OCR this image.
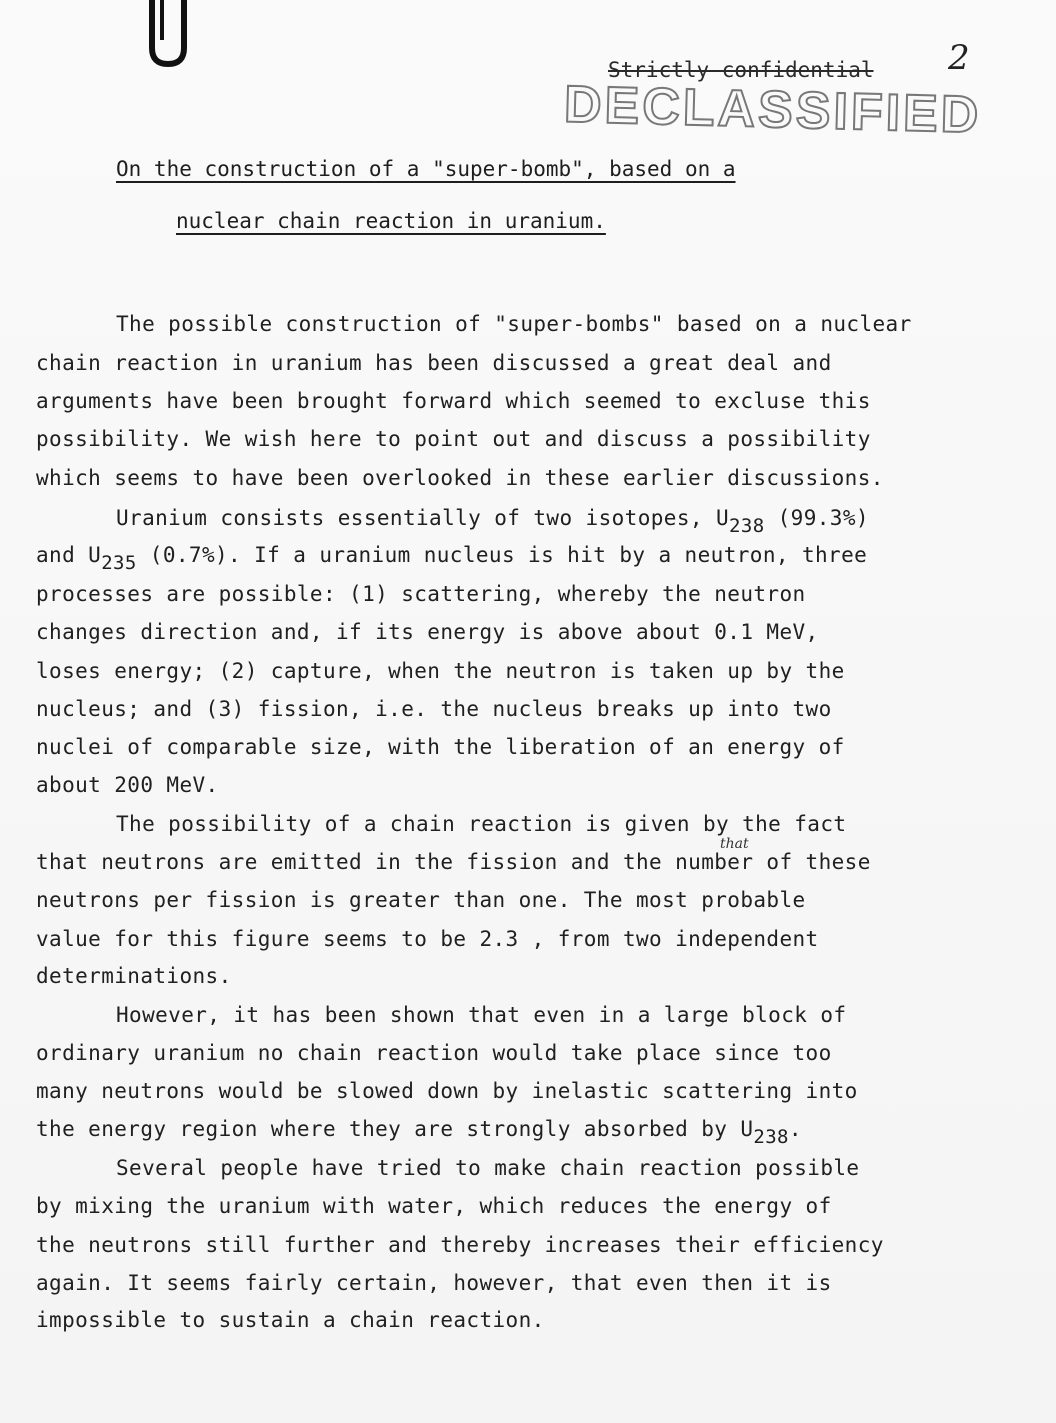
2
Strictly confidential
DECLASSIFIED
On the construction of a "super-bomb", based on a
nuclear chain reaction in uranium.
The possible construction of "super-bombs" based on a nuclear
chain reaction in uranium has been discussed a great deal and
arguments have been brought forward which seemed to excluse this
possibility. We wish here to point out and discuss a possibility
which seems to have been overlooked in these earlier discussions.
Uranium consists essentially of two isotopes, $U_{238}$ (99.3%)
and $U_{235}$ (0.7%). If a uranium nucleus is hit by a neutron, three
processes are possible: (1) scattering, whereby the neutron
changes direction and, if its energy is above about 0.1 MeV,
loses energy; (2) capture, when the neutron is taken up by the
nucleus; and (3) fission, i.e. the nucleus breaks up into two
nuclei of comparable size, with the liberation of an energy of
about 200 MeV.
The possibility of a chain reaction is given by the fact
that
that neutrons are emitted in the fission and the number of these
neutrons per fission is greater than one. The most probable
value for this figure seems to be 2.3 , from two independent
determinations.
However, it has been shown that even in a large block of
ordinary uranium no chain reaction would take place since too
many neutrons would be slowed down by inelastic scattering into
the energy region where they are strongly absorbed by $U_{238}$.
Several people have tried to make chain reaction possible
by mixing the uranium with water, which reduces the energy of
the neutrons still further and thereby increases their efficiency
again. It seems fairly certain, however, that even then it is
impossible to sustain a chain reaction.
